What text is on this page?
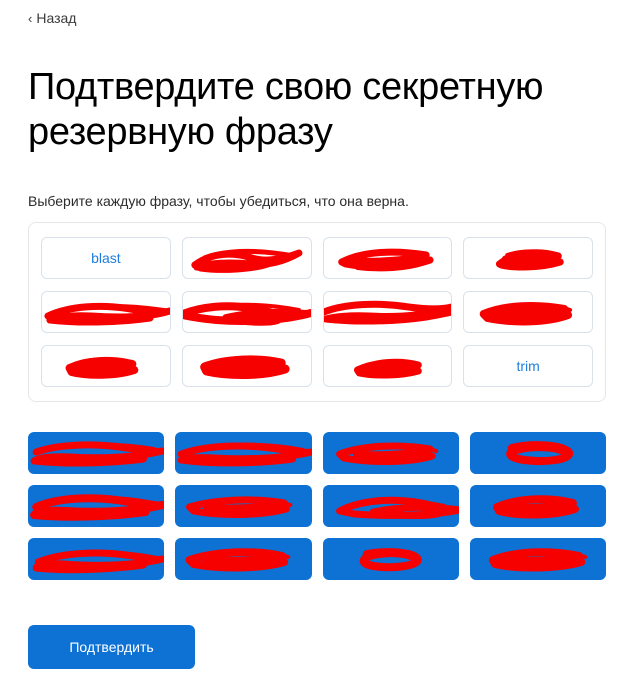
‹ Назад
Подтвердите свою секретную резервную фразу

Выберите каждую фразу, чтобы убедиться, что она верна.

blast
trim
Подтвердить
